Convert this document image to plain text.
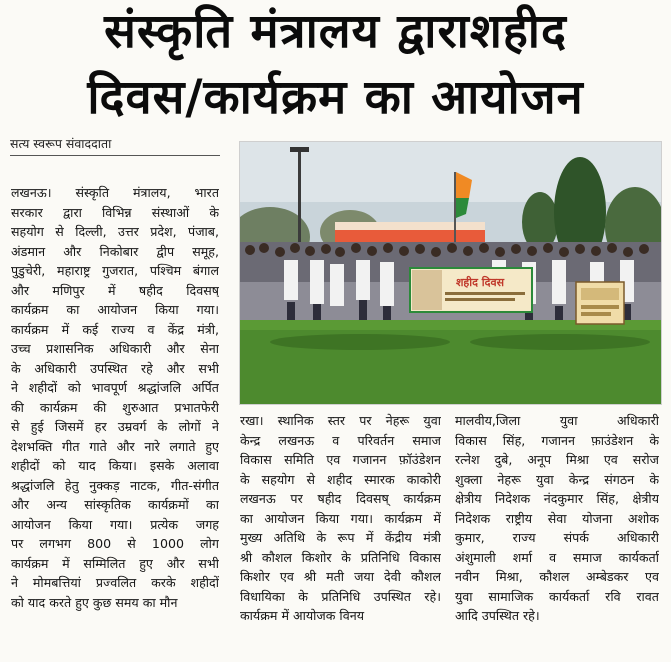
संस्कृति मंत्रालय द्वाराशहीद
दिवस/कार्यक्रम का आयोजन
सत्य स्वरूप संवाददाता
लखनऊ। संस्कृति मंत्रालय, भारत
सरकार द्वारा विभिन्न संस्थाओं के
सहयोग से दिल्ली, उत्तर प्रदेश, पंजाब,
अंडमान और निकोबार द्वीप समूह,
पुडुचेरी, महाराष्ट्र गुजरात, पश्चिम बंगाल
और मणिपुर में षहीद दिवसष्
कार्यक्रम का आयोजन किया गया।
कार्यक्रम में कई राज्य व केंद्र मंत्री,
उच्च प्रशासनिक अधिकारी और सेना
के अधिकारी उपस्थित रहे और सभी
ने शहीदों को भावपूर्ण श्रद्धांजलि अर्पित
की कार्यक्रम की शुरुआत प्रभातफेरी
से हुई जिसमें हर उम्रवर्ग के लोगों ने
देशभक्ति गीत गाते और नारे लगाते हुए
शहीदों को याद किया। इसके अलावा
श्रद्धांजलि हेतु नुक्कड़ नाटक, गीत-संगीत
और अन्य सांस्कृतिक कार्यक्रमों का
आयोजन किया गया। प्रत्येक जगह
पर लगभग 800 से 1000 लोग
कार्यक्रम में सम्मिलित हुए और सभी
ने मोमबत्तियां प्रज्वलित करके शहीदों
को याद करते हुए कुछ समय का मौन
शहीद दिवस
रखा। स्थानिक स्तर पर नेहरू युवा
केन्द्र लखनऊ व परिवर्तन समाज
विकास समिति एव गजानन फ़ॉउंडेशन
के सहयोग से शहीद स्मारक काकोरी
लखनऊ पर षहीद दिवसष् कार्यक्रम
का आयोजन किया गया। कार्यक्रम में
मुख्य अतिथि के रूप में केंद्रीय मंत्री
श्री कौशल किशोर के प्रतिनिधि विकास
किशोर एव श्री मती जया देवी कौशल
विधायिका के प्रतिनिधि उपस्थित रहे।
कार्यक्रम में आयोजक विनय
मालवीय,जिला युवा अधिकारी
विकास सिंह, गजानन फ़ाउंडेशन के
रत्नेश दुबे, अनूप मिश्रा एव सरोज
शुक्ला नेहरू युवा केन्द्र संगठन के
क्षेत्रीय निदेशक नंदकुमार सिंह, क्षेत्रीय
निदेशक राष्ट्रीय सेवा योजना अशोक
कुमार, राज्य संपर्क अधिकारी
अंशुमाली शर्मा व समाज कार्यकर्ता
नवीन मिश्रा, कौशल अम्बेडकर एव
युवा सामाजिक कार्यकर्ता रवि रावत
आदि उपस्थित रहे।
